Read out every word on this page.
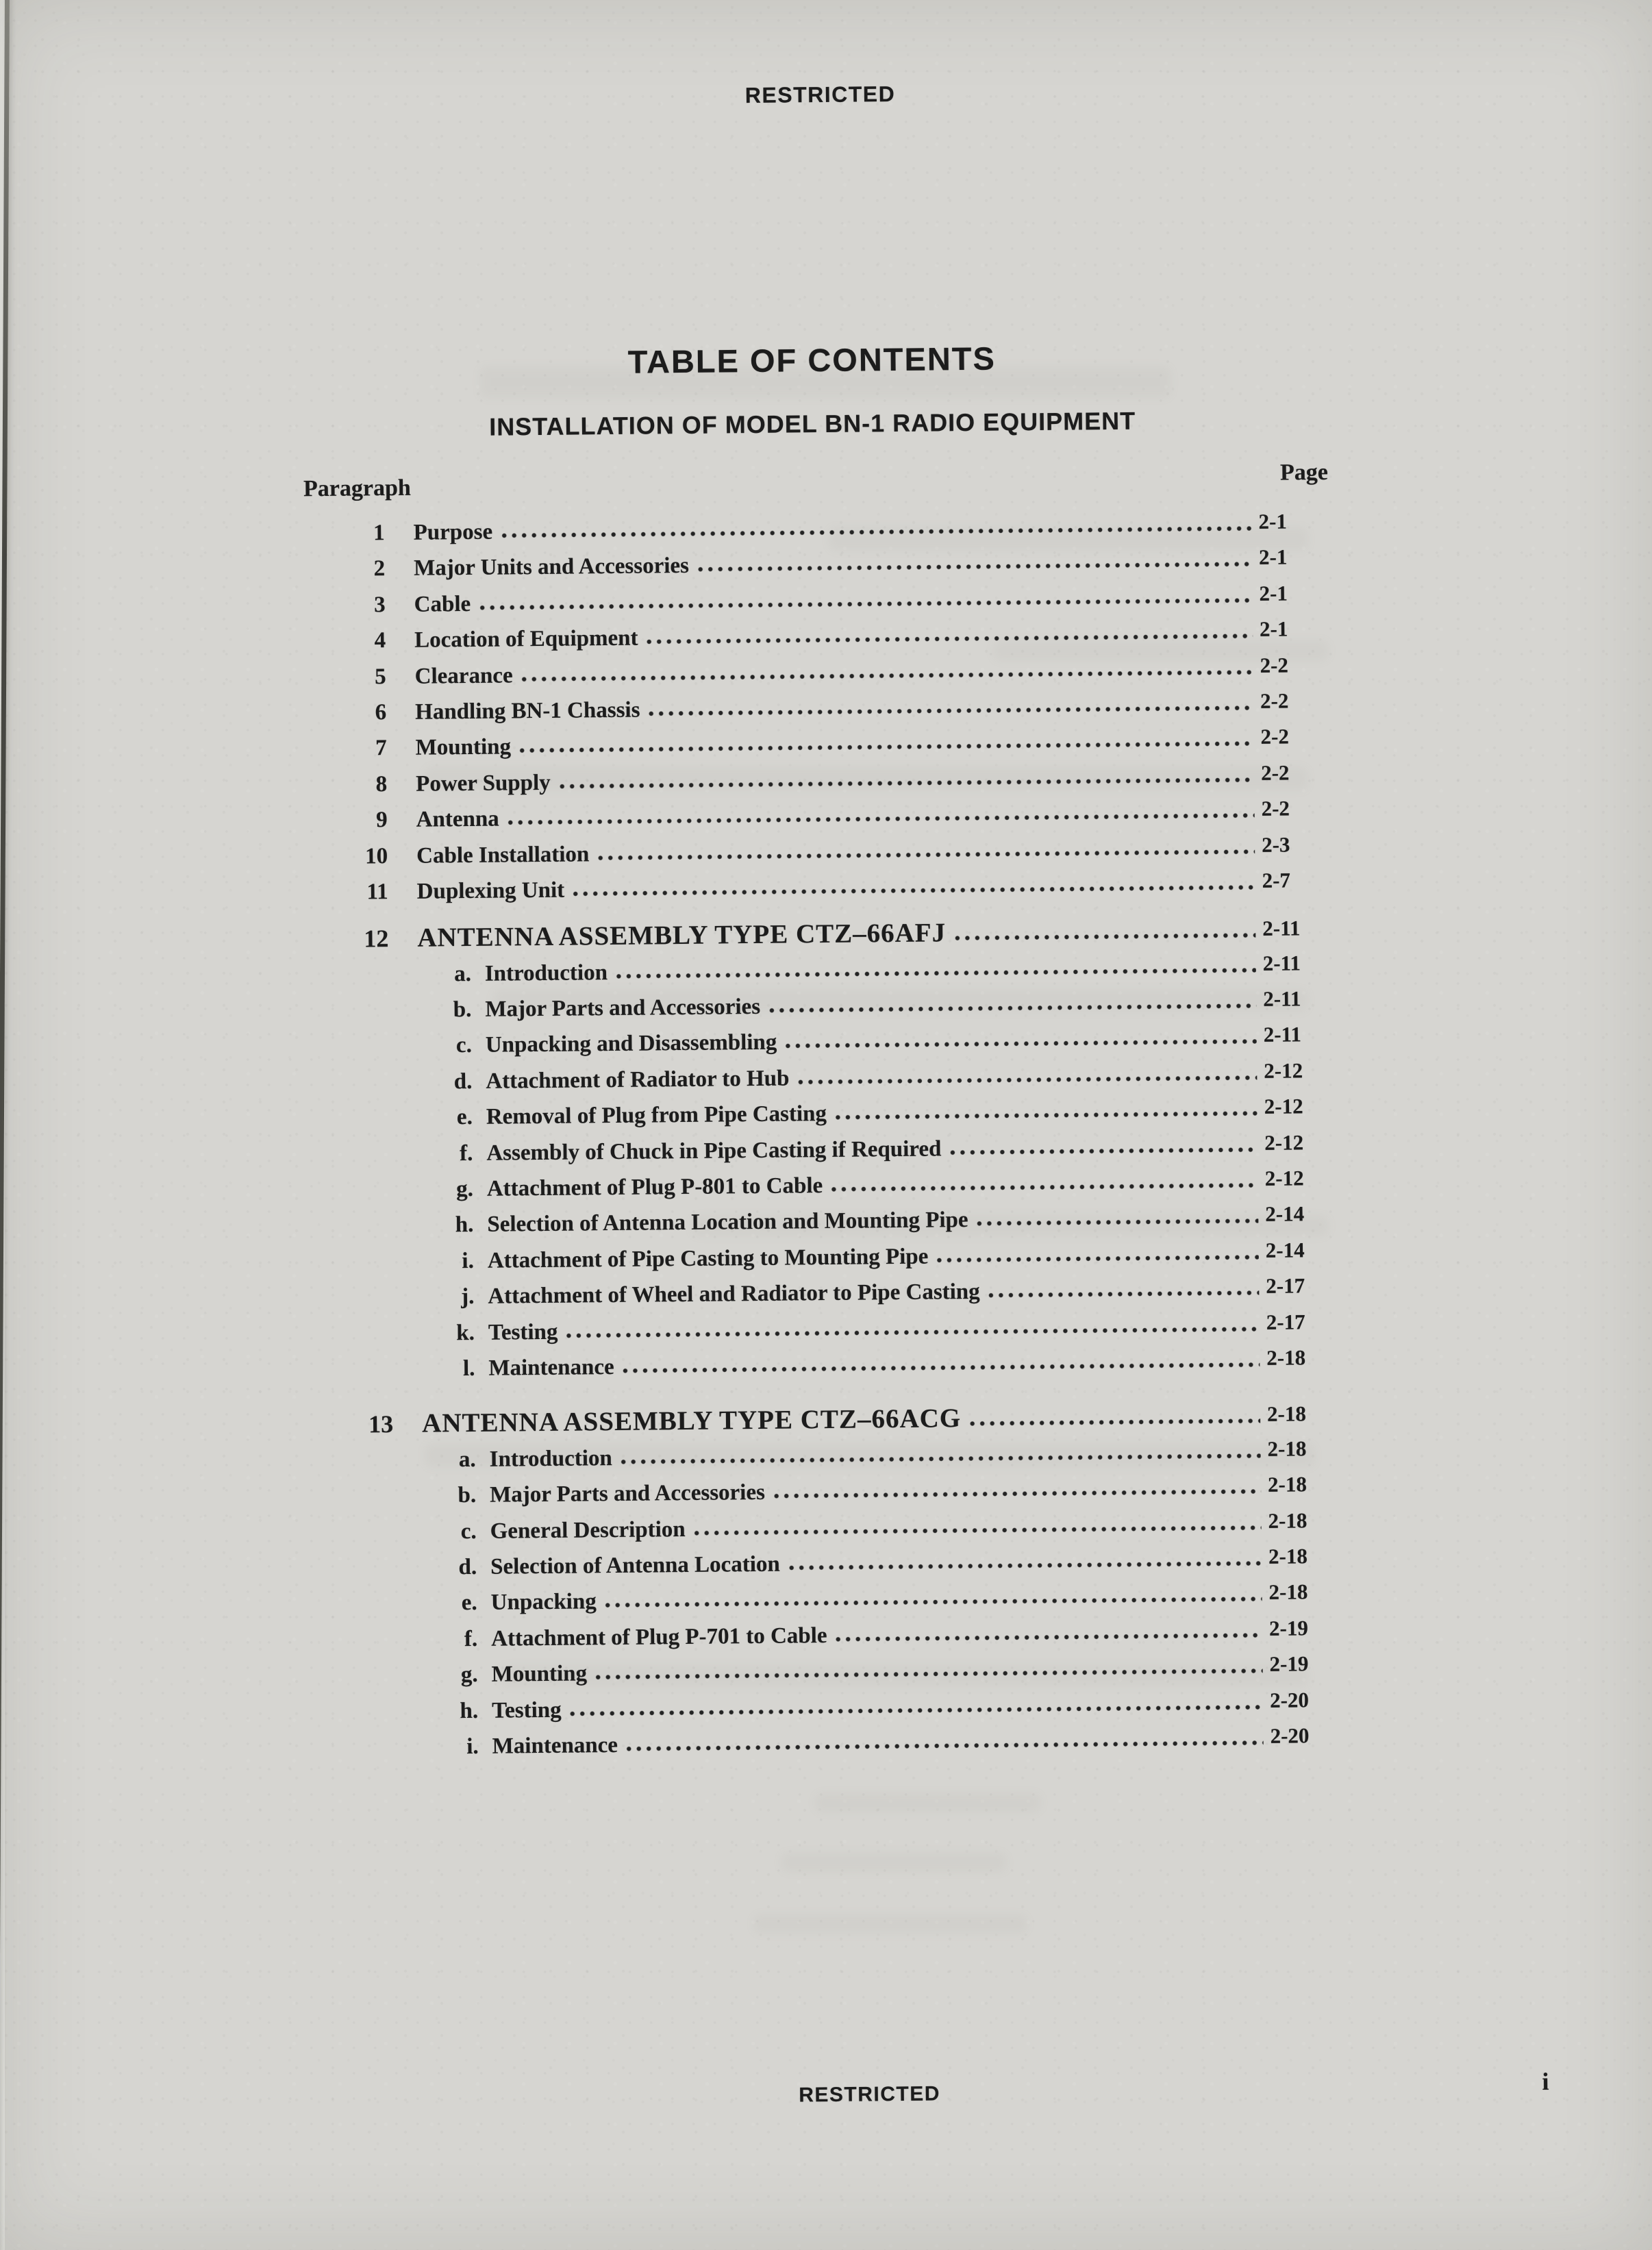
RESTRICTED
TABLE OF CONTENTS
INSTALLATION OF MODEL BN-1 RADIO EQUIPMENT
Paragraph
Page
1 Purpose	2-1
2 Major Units and Accessories	2-1
3 Cable	2-1
4 Location of Equipment	2-1
5 Clearance	2-2
6 Handling BN-1 Chassis	2-2
7 Mounting	2-2
8 Power Supply	2-2
9 Antenna	2-2
10 Cable Installation	2-3
11 Duplexing Unit	2-7
12 ANTENNA ASSEMBLY TYPE CTZ–66AFJ	2-11
a. Introduction	2-11
b. Major Parts and Accessories	2-11
c. Unpacking and Disassembling	2-11
d. Attachment of Radiator to Hub	2-12
e. Removal of Plug from Pipe Casting	2-12
f. Assembly of Chuck in Pipe Casting if Required	2-12
g. Attachment of Plug P-801 to Cable	2-12
h. Selection of Antenna Location and Mounting Pipe	2-14
i. Attachment of Pipe Casting to Mounting Pipe	2-14
j. Attachment of Wheel and Radiator to Pipe Casting	2-17
k. Testing	2-17
l. Maintenance	2-18
13 ANTENNA ASSEMBLY TYPE CTZ–66ACG	2-18
a. Introduction	2-18
b. Major Parts and Accessories	2-18
c. General Description	2-18
d. Selection of Antenna Location	2-18
e. Unpacking	2-18
f. Attachment of Plug P-701 to Cable	2-19
g. Mounting	2-19
h. Testing	2-20
i. Maintenance	2-20
RESTRICTED	i
